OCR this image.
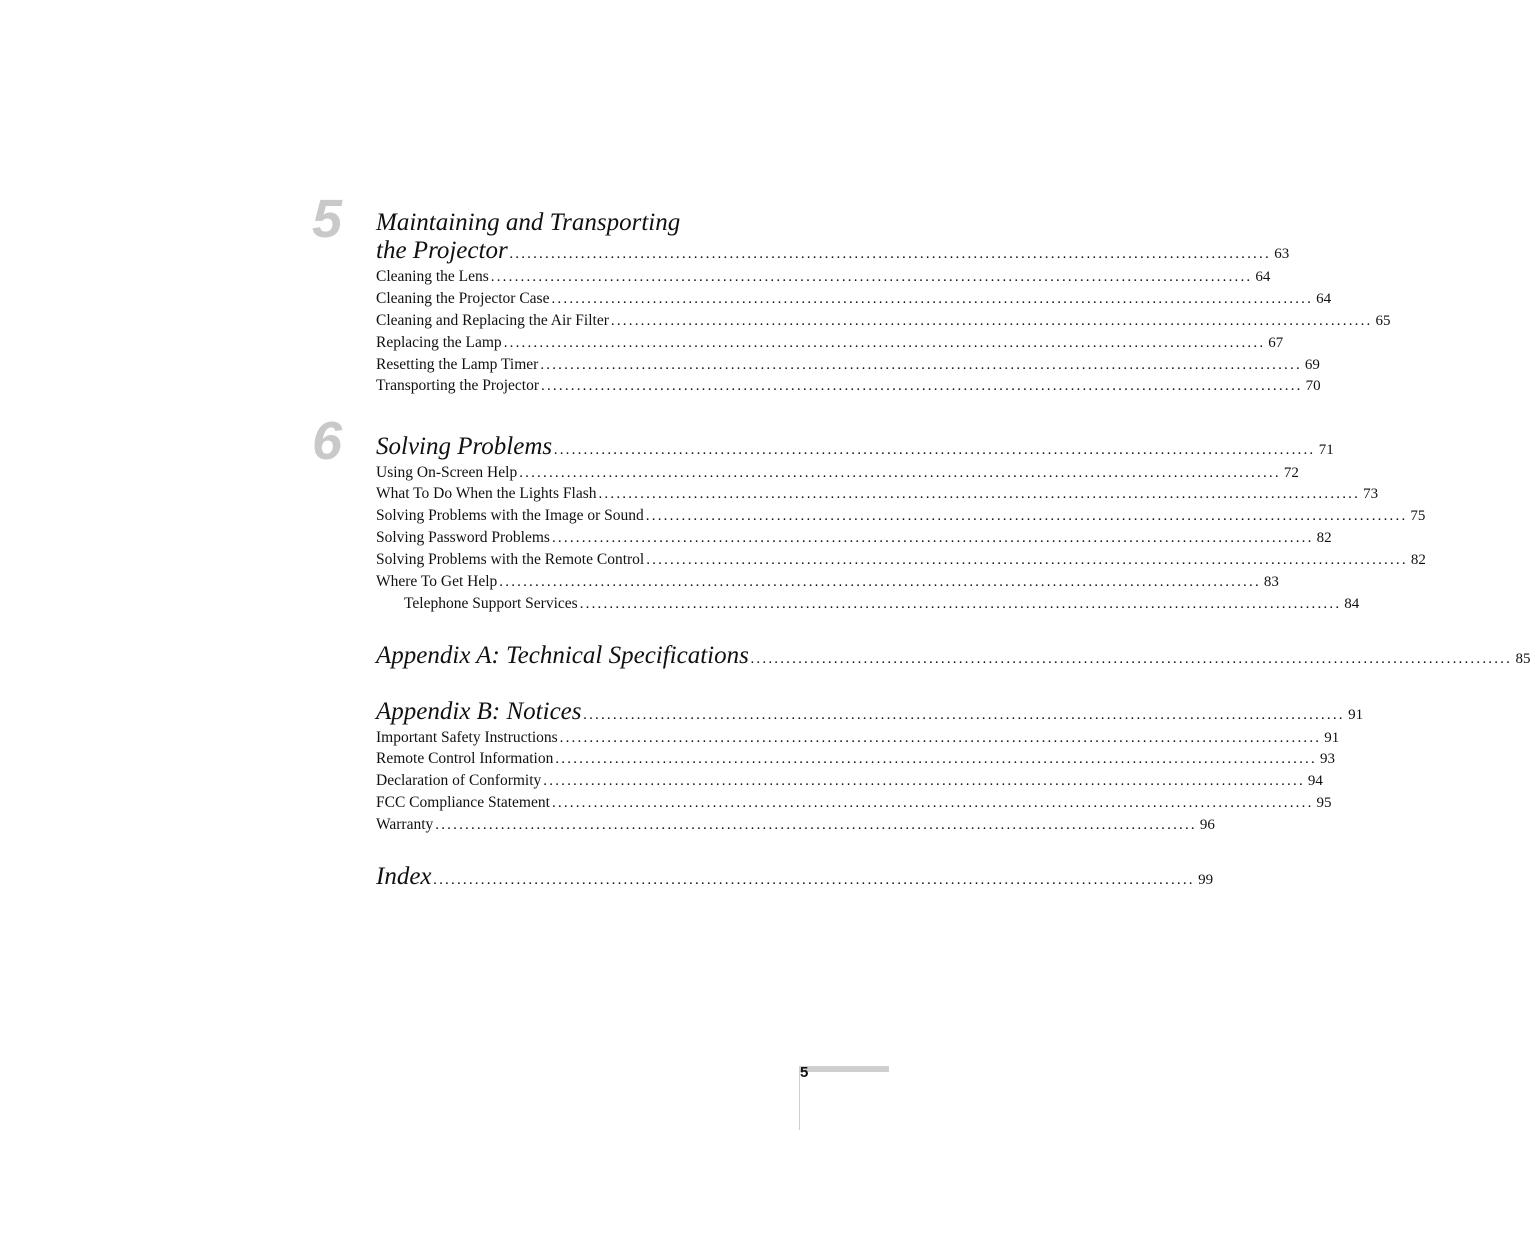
5	Maintaining and Transporting
the Projector ................................................................................................................................ 63
Cleaning the Lens ................................................................................................................................ 64
Cleaning the Projector Case ................................................................................................................................ 64
Cleaning and Replacing the Air Filter ................................................................................................................................ 65
Replacing the Lamp ................................................................................................................................ 67
Resetting the Lamp Timer ................................................................................................................................ 69
Transporting the Projector ................................................................................................................................ 70
6	Solving Problems ................................................................................................................................ 71
Using On-Screen Help ................................................................................................................................ 72
What To Do When the Lights Flash ................................................................................................................................ 73
Solving Problems with the Image or Sound ................................................................................................................................ 75
Solving Password Problems ................................................................................................................................ 82
Solving Problems with the Remote Control ................................................................................................................................ 82
Where To Get Help ................................................................................................................................ 83
Telephone Support Services ................................................................................................................................ 84
Appendix A: Technical Specifications ................................................................................................................................ 85
Appendix B: Notices ................................................................................................................................ 91
Important Safety Instructions ................................................................................................................................ 91
Remote Control Information ................................................................................................................................ 93
Declaration of Conformity ................................................................................................................................ 94
FCC Compliance Statement ................................................................................................................................ 95
Warranty ................................................................................................................................ 96
Index ................................................................................................................................ 99
5
